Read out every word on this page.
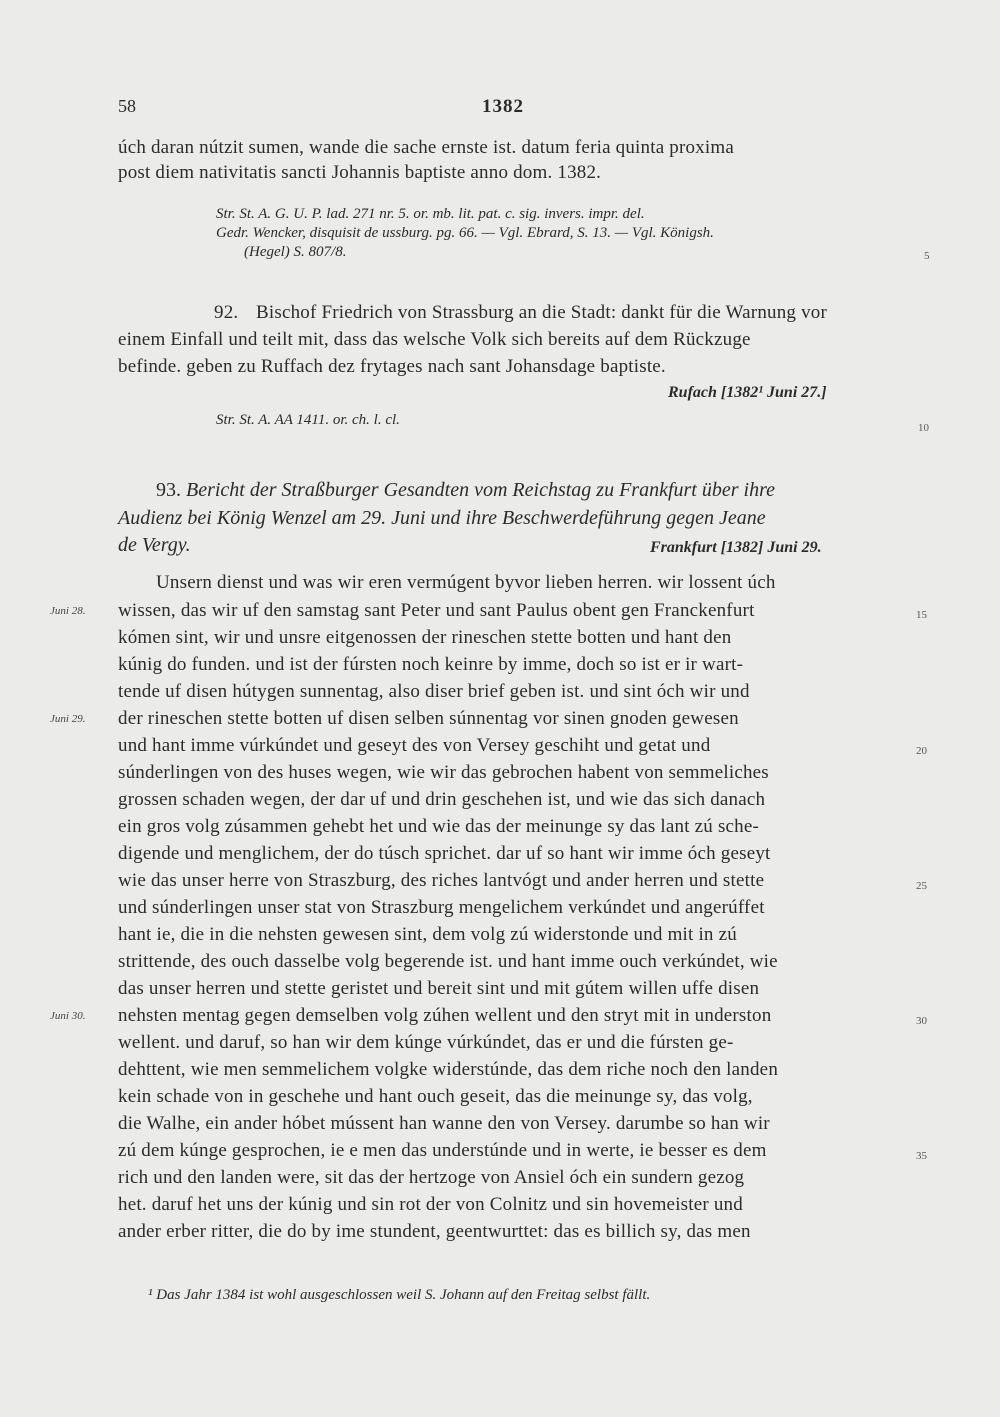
58	1382
úch daran nútzit sumen, wande die sache ernste ist. datum feria quinta proxima
post diem nativitatis sancti Johannis baptiste anno dom. 1382.
Str. St. A. G. U. P. lad. 271 nr. 5. or. mb. lit. pat. c. sig. invers. impr. del.
Gedr. Wencker, disquisit de ussburg. pg. 66. — Vgl. Ebrard, S. 13. — Vgl. Königsh.
(Hegel) S. 807/8.	5
92. Bischof Friedrich von Strassburg an die Stadt: dankt für die Warnung vor
einem Einfall und teilt mit, dass das welsche Volk sich bereits auf dem Rückzuge
befinde. geben zu Ruffach dez frytages nach sant Johansdage baptiste.
Rufach [1382¹ Juni 27.]
Str. St. A. AA 1411. or. ch. l. cl.	10
93. Bericht der Straßburger Gesandten vom Reichstag zu Frankfurt über ihre
Audienz bei König Wenzel am 29. Juni und ihre Beschwerdeführung gegen Jeane
de Vergy.	Frankfurt [1382] Juni 29.
Unsern dienst und was wir eren vermúgent byvor lieben herren. wir lossent úch
wissen, das wir uf den samstag sant Peter und sant Paulus obent gen Franckenfurt
kómen sint, wir und unsre eitgenossen der rineschen stette botten und hant den
kúnig do funden. und ist der fúrsten noch keinre by imme, doch so ist er ir wart-
tende uf disen hútygen sunnentag, also diser brief geben ist. und sint óch wir und
der rineschen stette botten uf disen selben súnnentag vor sinen gnoden gewesen
und hant imme vúrkúndet und geseyt des von Versey geschiht und getat und
súnderlingen von des huses wegen, wie wir das gebrochen habent von semmeliches
grossen schaden wegen, der dar uf und drin geschehen ist, und wie das sich danach
ein gros volg zúsammen gehebt het und wie das der meinunge sy das lant zú sche-
digende und menglichem, der do túsch sprichet. dar uf so hant wir imme óch geseyt
wie das unser herre von Straszburg, des riches lantvógt und ander herren und stette
und súnderlingen unser stat von Straszburg mengelichem verkúndet und angerúffet
hant ie, die in die nehsten gewesen sint, dem volg zú widerstonde und mit in zú
strittende, des ouch dasselbe volg begerende ist. und hant imme ouch verkúndet, wie
das unser herren und stette geristet und bereit sint und mit gútem willen uffe disen
nehsten mentag gegen demselben volg zúhen wellent und den stryt mit in underston
wellent. und daruf, so han wir dem kúnge vúrkúndet, das er und die fúrsten ge-
dehttent, wie men semmelichem volgke widerstúnde, das dem riche noch den landen
kein schade von in geschehe und hant ouch geseit, das die meinunge sy, das volg,
die Walhe, ein ander hóbet mússent han wanne den von Versey. darumbe so han wir
zú dem kúnge gesprochen, ie e men das understúnde und in werte, ie besser es dem
rich und den landen were, sit das der hertzoge von Ansiel óch ein sundern gezog
het. daruf het uns der kúnig und sin rot der von Colnitz und sin hovemeister und
ander erber ritter, die do by ime stundent, geentwurttet: das es billich sy, das men
Juni 28.
Juni 29.
Juni 30.
15
20
25
30
35
¹ Das Jahr 1384 ist wohl ausgeschlossen weil S. Johann auf den Freitag selbst fällt.
